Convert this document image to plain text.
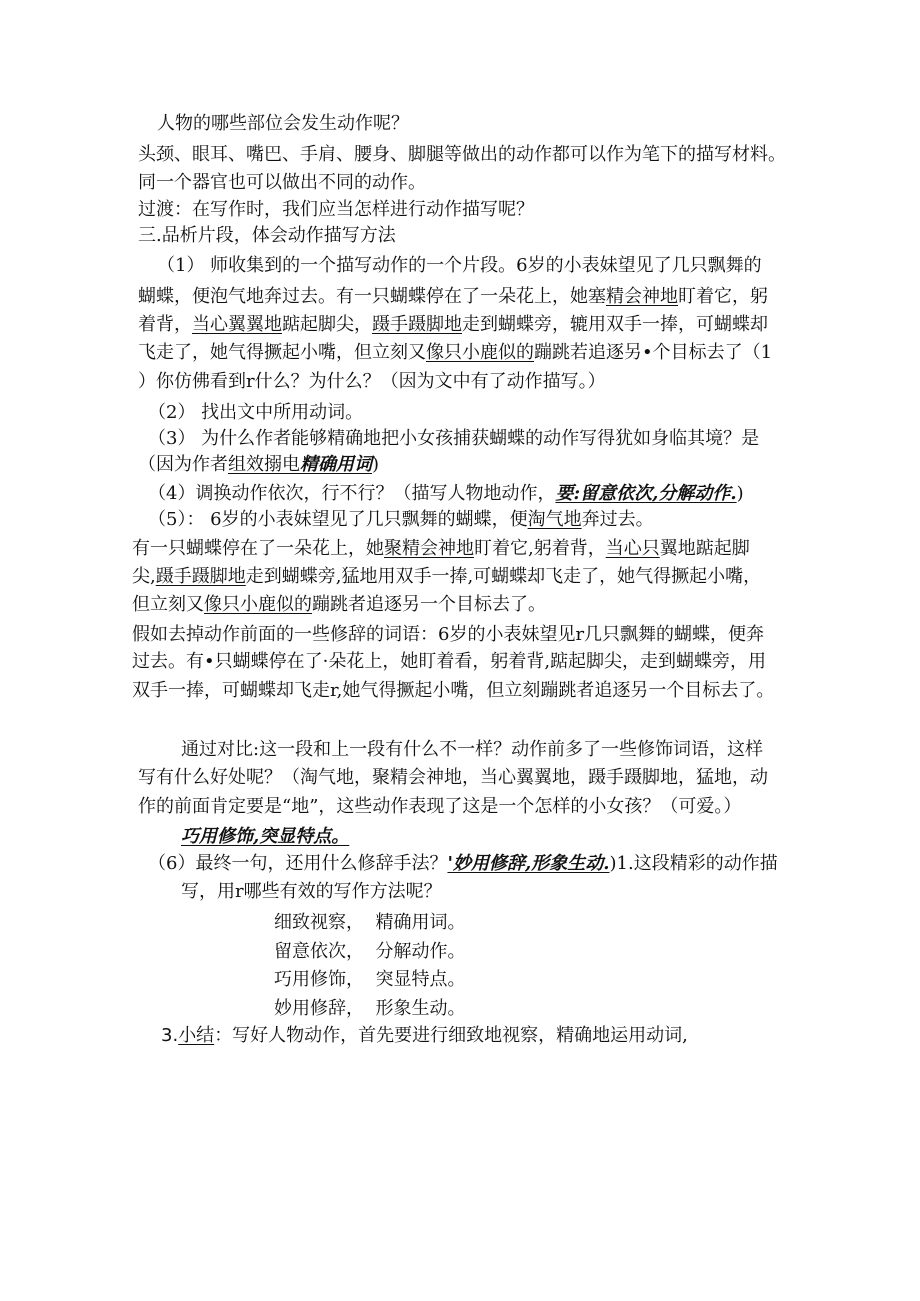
人物的哪些部位会发生动作呢？
头颈、眼耳、嘴巴、手肩、腰身、脚腿等做出的动作都可以作为笔下的描写材料。
同一个器官也可以做出不同的动作。
过渡：在写作时，我们应当怎样进行动作描写呢？
三.品析片段，体会动作描写方法
（1） 师收集到的一个描写动作的一个片段。6岁的小表妹望见了几只飘舞的
蝴蝶，便泡气地奔过去。有一只蝴蝶停在了一朵花上，她塞精会神地盯着它，躬
着背，当心翼翼地踮起脚尖，蹑手蹑脚地走到蝴蝶旁，辘用双手一捧，可蝴蝶却
飞走了，她气得撅起小嘴，但立刻又像只小鹿似的蹦跳若追逐另•个目标去了（1
）你仿佛看到r什么？为什么？（因为文中有了动作描写。）
（2） 找出文中所用动词。
（3） 为什么作者能够精确地把小女孩捕获蝴蝶的动作写得犹如身临其境？是
（因为作者组效搦电精确用词)
（4）调换动作依次，行不行？（描写人物地动作，要:留意依次,分解动作.)
（5）： 6岁的小表妹望见了几只飘舞的蝴蝶，便淘气地奔过去。
有一只蝴蝶停在了一朵花上，她聚精会神地盯着它,躬着背，当心只翼地踮起脚
尖,蹑手蹑脚地走到蝴蝶旁,猛地用双手一捧,可蝴蝶却飞走了，她气得撅起小嘴，
但立刻又像只小鹿似的蹦跳者追逐另一个目标去了。
假如去掉动作前面的一些修辞的词语：6岁的小表妹望见r几只飘舞的蝴蝶，便奔
过去。有•只蝴蝶停在了·朵花上，她盯着看，躬着背,踮起脚尖，走到蝴蝶旁，用
双手一捧，可蝴蝶却飞走r,她气得撅起小嘴，但立刻蹦跳者追逐另一个目标去了。
通过对比:这一段和上一段有什么不一样？动作前多了一些修饰词语，这样
写有什么好处呢？（淘气地，聚精会神地，当心翼翼地，蹑手蹑脚地，猛地，动
作的前面肯定要是“地”，这些动作表现了这是一个怎样的小女孩？（可爱。）
巧用修饰,突显特点。
（6）最终一句，还用什么修辞手法？'妙用修辞,形象生动.)1.这段精彩的动作描
写，用r哪些有效的写作方法呢？
细致视察，  精确用词。
留意依次，  分解动作。
巧用修饰，  突显特点。
妙用修辞，  形象生动。
3.小结：写好人物动作，首先要进行细致地视察，精确地运用动词,
